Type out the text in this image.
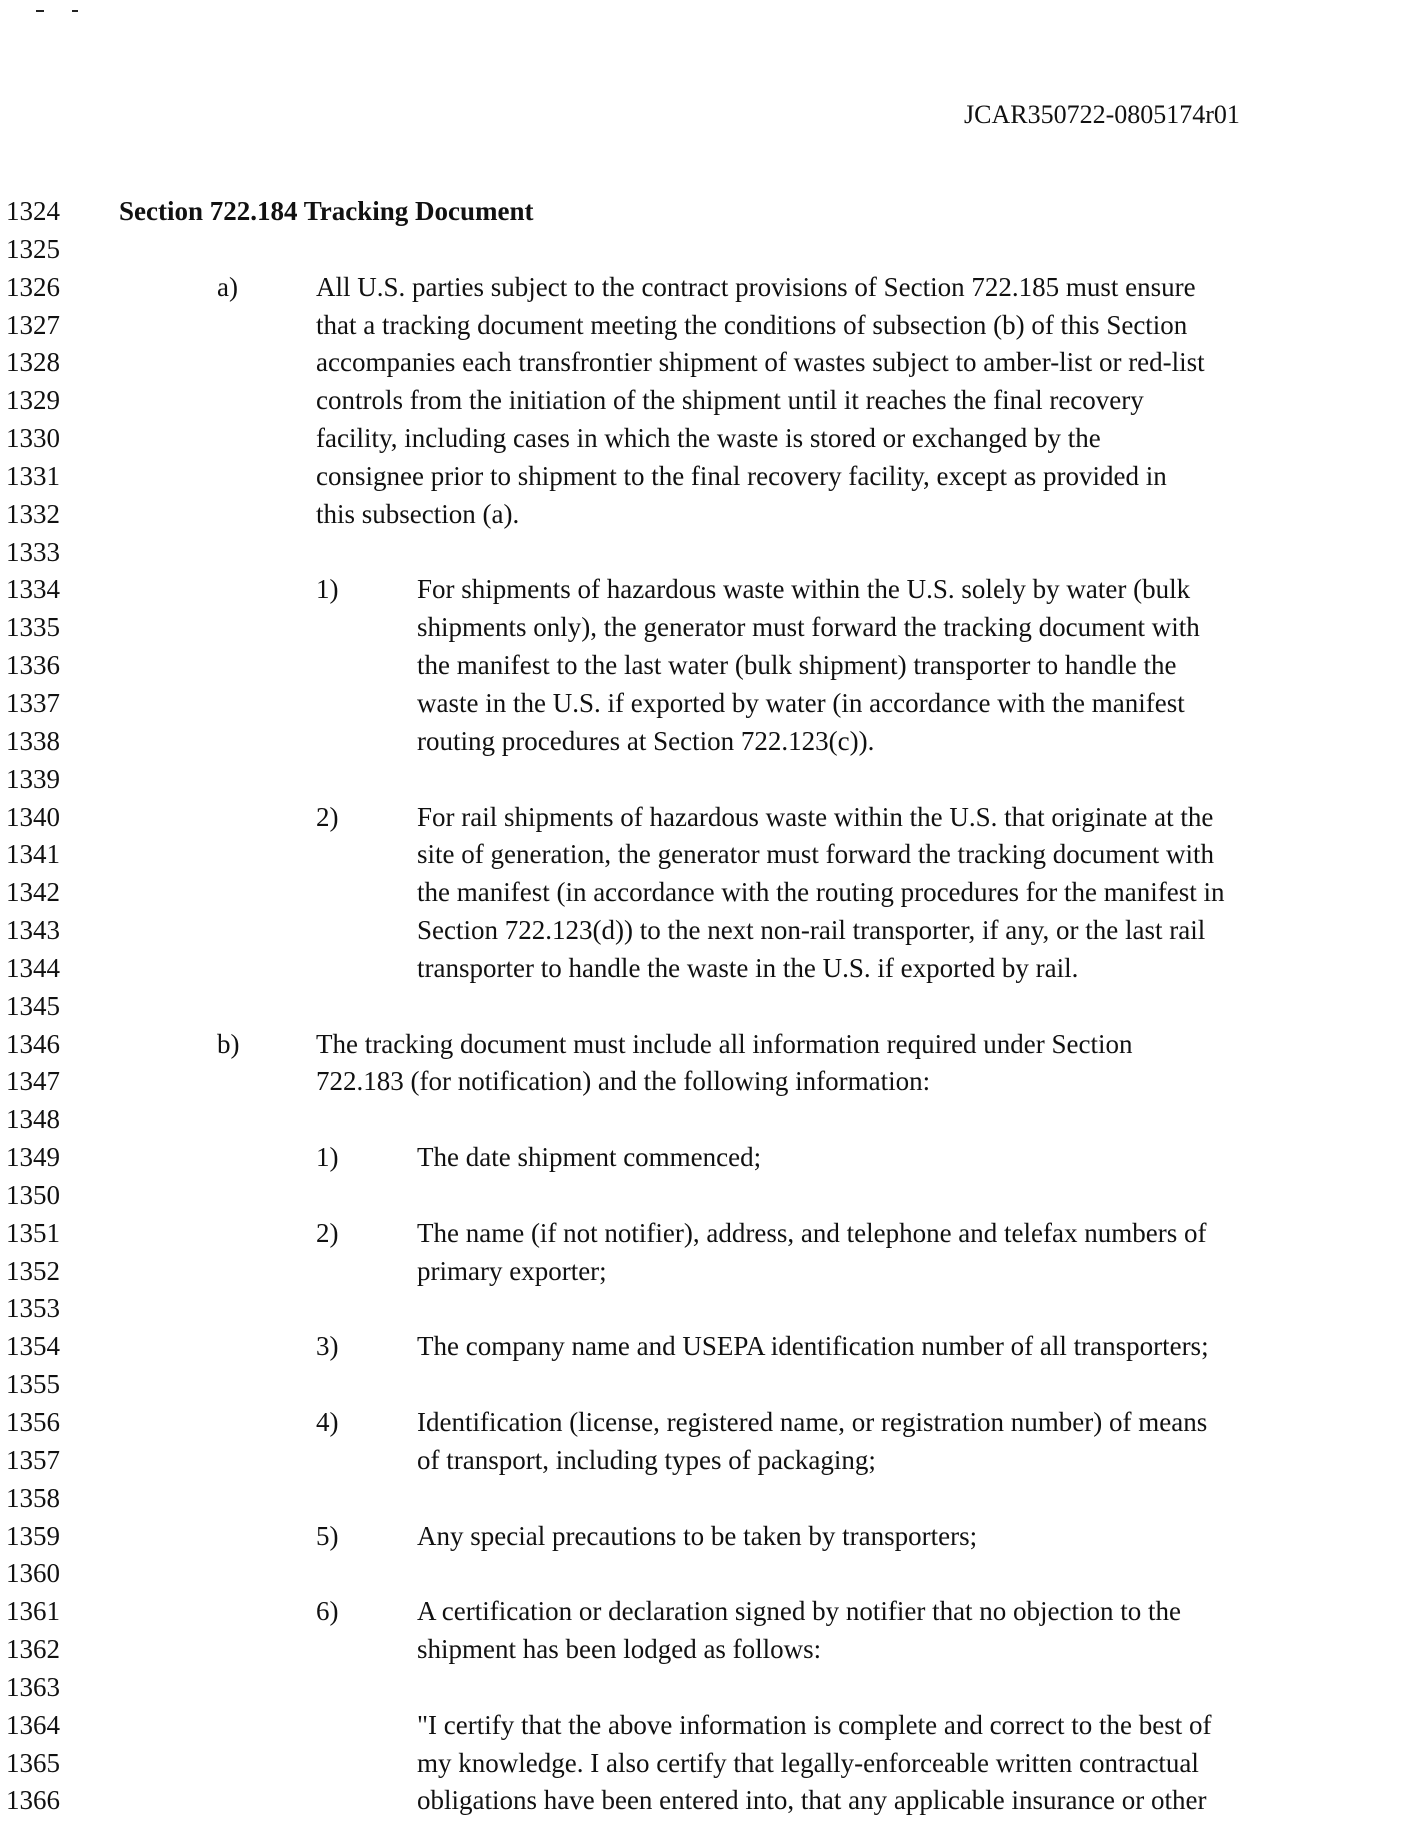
JCAR350722-0805174r01
1324	Section 722.184 Tracking Document
1325
1326	a)	All U.S. parties subject to the contract provisions of Section 722.185 must ensure
1327	that a tracking document meeting the conditions of subsection (b) of this Section
1328	accompanies each transfrontier shipment of wastes subject to amber-list or red-list
1329	controls from the initiation of the shipment until it reaches the final recovery
1330	facility, including cases in which the waste is stored or exchanged by the
1331	consignee prior to shipment to the final recovery facility, except as provided in
1332	this subsection (a).
1333
1334	1)	For shipments of hazardous waste within the U.S. solely by water (bulk
1335	shipments only), the generator must forward the tracking document with
1336	the manifest to the last water (bulk shipment) transporter to handle the
1337	waste in the U.S. if exported by water (in accordance with the manifest
1338	routing procedures at Section 722.123(c)).
1339
1340	2)	For rail shipments of hazardous waste within the U.S. that originate at the
1341	site of generation, the generator must forward the tracking document with
1342	the manifest (in accordance with the routing procedures for the manifest in
1343	Section 722.123(d)) to the next non-rail transporter, if any, or the last rail
1344	transporter to handle the waste in the U.S. if exported by rail.
1345
1346	b)	The tracking document must include all information required under Section
1347	722.183 (for notification) and the following information:
1348
1349	1)	The date shipment commenced;
1350
1351	2)	The name (if not notifier), address, and telephone and telefax numbers of
1352	primary exporter;
1353
1354	3)	The company name and USEPA identification number of all transporters;
1355
1356	4)	Identification (license, registered name, or registration number) of means
1357	of transport, including types of packaging;
1358
1359	5)	Any special precautions to be taken by transporters;
1360
1361	6)	A certification or declaration signed by notifier that no objection to the
1362	shipment has been lodged as follows:
1363
1364	"I certify that the above information is complete and correct to the best of
1365	my knowledge. I also certify that legally-enforceable written contractual
1366	obligations have been entered into, that any applicable insurance or other
